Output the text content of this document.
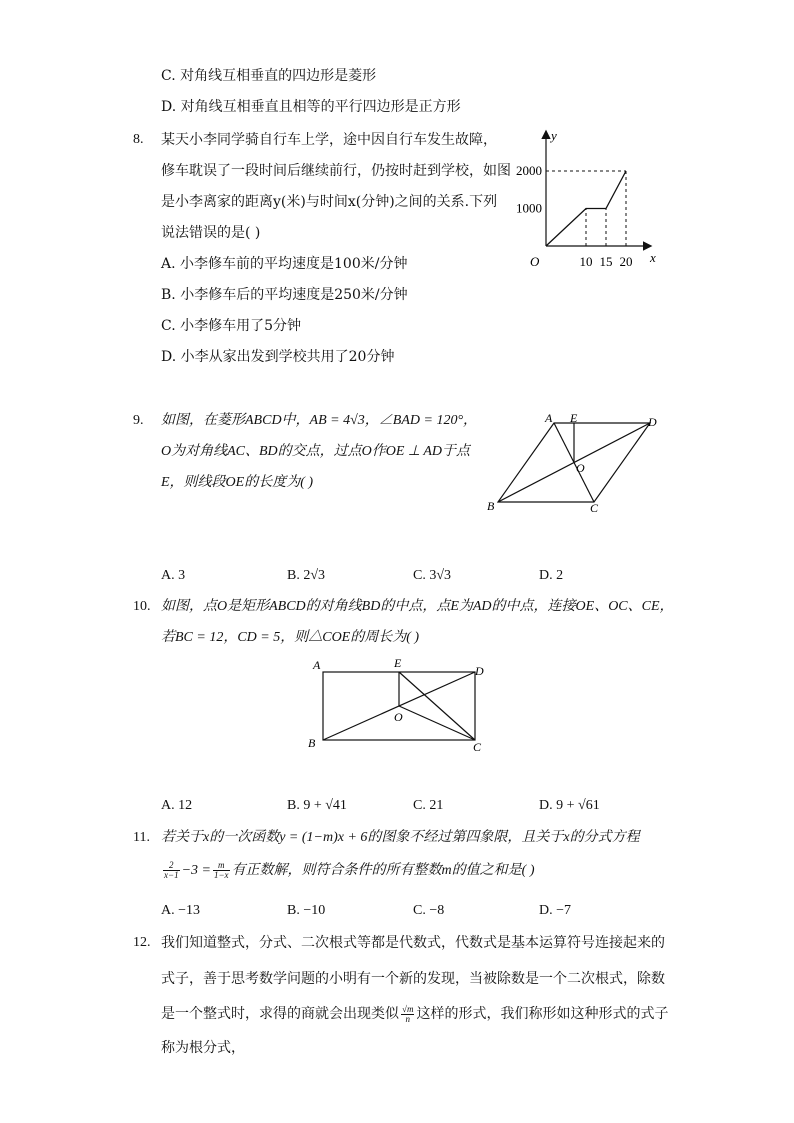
C. 对角线互相垂直的四边形是菱形
D. 对角线互相垂直且相等的平行四边形是正方形
8. 某天小李同学骑自行车上学，途中因自行车发生故障，
修车耽误了一段时间后继续前行，仍按时赶到学校，如图
是小李离家的距离y(米)与时间x(分钟)之间的关系.下列
说法错误的是( )
A. 小李修车前的平均速度是100米/分钟
B. 小李修车后的平均速度是250米/分钟
C. 小李修车用了5分钟
D. 小李从家出发到学校共用了20分钟
y
x
O
1000
2000
10 15 20
9. 如图，在菱形ABCD中，AB = 4√3，∠BAD = 120°，
O为对角线AC、BD的交点，过点O作OE ⊥ AD于点
E，则线段OE的长度为( )
A E	D
O
B	C
A. 3	B. 2√3	C. 3√3	D. 2
10. 如图，点O是矩形ABCD的对角线BD的中点，点E为AD的中点，连接OE、OC、CE，
若BC = 12，CD = 5，则△COE的周长为( )
A	E
D
O
B	C
A. 12	B. 9 + √41	C. 21	D. 9 + √61
11. 若关于x的一次函数y = (1−m)x + 6的图象不经过第四象限，且关于x的分式方程
$\frac{2}{x-1} -3 = \frac{m}{1-x}$ 有正数解，则符合条件的所有整数m的值之和是( )
A. −13	B. −10	C. −8	D. −7
12. 我们知道整式，分式、二次根式等都是代数式，代数式是基本运算符号连接起来的
式子，善于思考数学问题的小明有一个新的发现，当被除数是一个二次根式，除数
是一个整式时，求得的商就会出现类似 $\frac{√m}{n}$ 这样的形式，我们称形如这种形式的式子
称为根分式，
